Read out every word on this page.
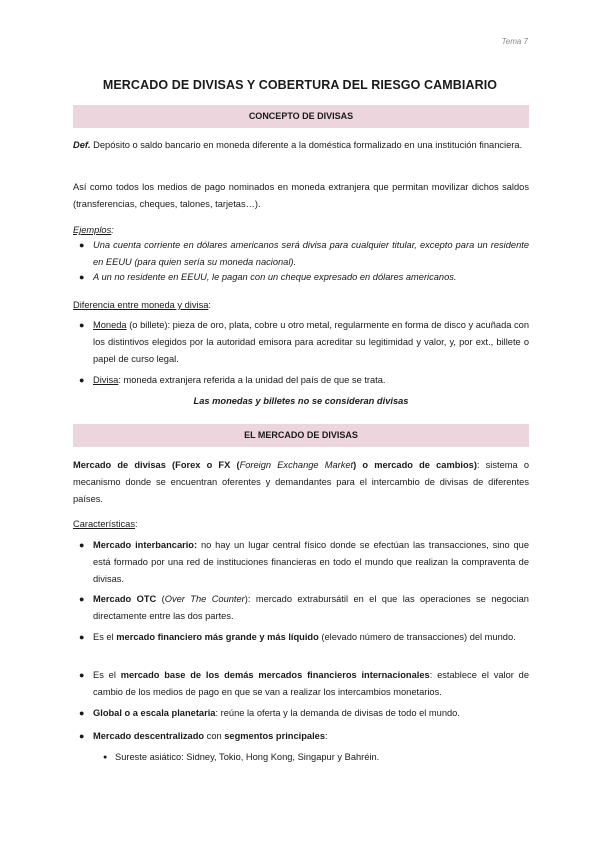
Tema 7
MERCADO DE DIVISAS Y COBERTURA DEL RIESGO CAMBIARIO
CONCEPTO DE DIVISAS
Def. Depósito o saldo bancario en moneda diferente a la doméstica formalizado en una institución financiera.
Así como todos los medios de pago nominados en moneda extranjera que permitan movilizar dichos saldos (transferencias, cheques, talones, tarjetas…).
Ejemplos:
● Una cuenta corriente en dólares americanos será divisa para cualquier titular, excepto para un residente en EEUU (para quien sería su moneda nacional).
● A un no residente en EEUU, le pagan con un cheque expresado en dólares americanos.
Diferencia entre moneda y divisa:
● Moneda (o billete): pieza de oro, plata, cobre u otro metal, regularmente en forma de disco y acuñada con los distintivos elegidos por la autoridad emisora para acreditar su legitimidad y valor, y, por ext., billete o papel de curso legal.
● Divisa: moneda extranjera referida a la unidad del país de que se trata.
Las monedas y billetes no se consideran divisas
EL MERCADO DE DIVISAS
Mercado de divisas (Forex o FX (Foreign Exchange Market) o mercado de cambios): sistema o mecanismo donde se encuentran oferentes y demandantes para el intercambio de divisas de diferentes países.
Características:
● Mercado interbancario: no hay un lugar central físico donde se efectúan las transacciones, sino que está formado por una red de instituciones financieras en todo el mundo que realizan la compraventa de divisas.
● Mercado OTC (Over The Counter): mercado extrabursátil en el que las operaciones se negocian directamente entre las dos partes.
● Es el mercado financiero más grande y más líquido (elevado número de transacciones) del mundo.
● Es el mercado base de los demás mercados financieros internacionales: establece el valor de cambio de los medios de pago en que se van a realizar los intercambios monetarios.
● Global o a escala planetaria: reúne la oferta y la demanda de divisas de todo el mundo.
● Mercado descentralizado con segmentos principales:
● Sureste asiático: Sidney, Tokio, Hong Kong, Singapur y Bahréin.
